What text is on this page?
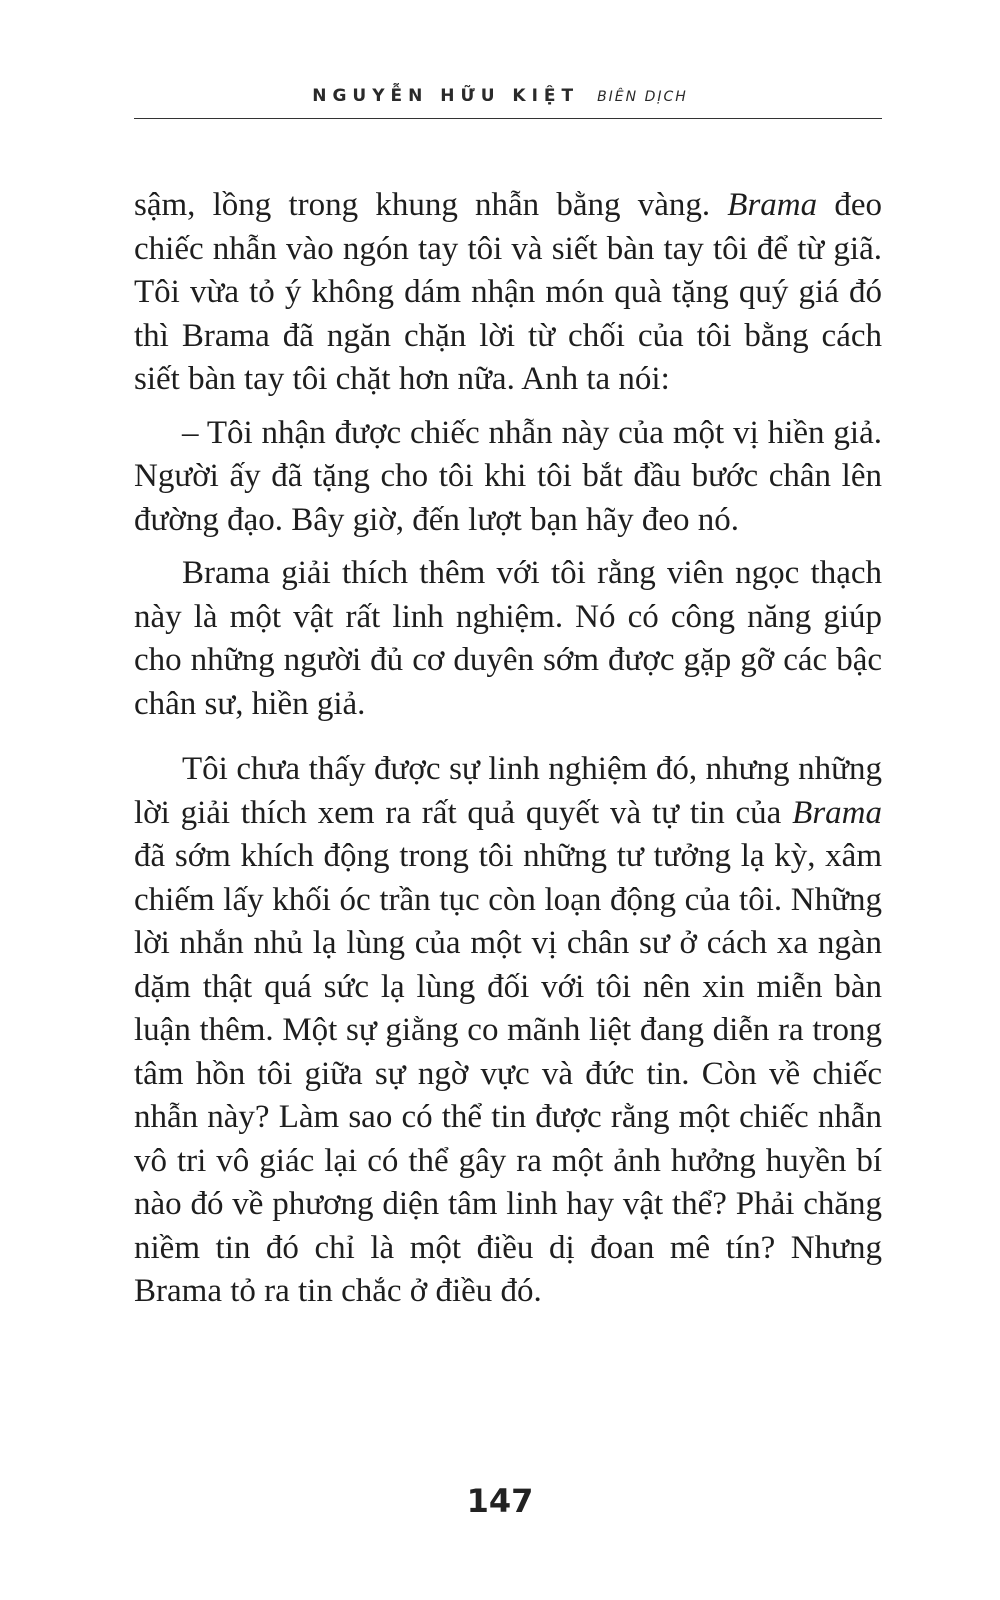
NGUYỄN HỮU KIỆT BIÊN DỊCH

sậm, lồng trong khung nhẫn bằng vàng. Brama đeo chiếc nhẫn vào ngón tay tôi và siết bàn tay tôi để từ giã. Tôi vừa tỏ ý không dám nhận món quà tặng quý giá đó thì Brama đã ngăn chặn lời từ chối của tôi bằng cách siết bàn tay tôi chặt hơn nữa. Anh ta nói:

– Tôi nhận được chiếc nhẫn này của một vị hiền giả. Người ấy đã tặng cho tôi khi tôi bắt đầu bước chân lên đường đạo. Bây giờ, đến lượt bạn hãy đeo nó.

Brama giải thích thêm với tôi rằng viên ngọc thạch này là một vật rất linh nghiệm. Nó có công năng giúp cho những người đủ cơ duyên sớm được gặp gỡ các bậc chân sư, hiền giả.

Tôi chưa thấy được sự linh nghiệm đó, nhưng những lời giải thích xem ra rất quả quyết và tự tin của Brama đã sớm khích động trong tôi những tư tưởng lạ kỳ, xâm chiếm lấy khối óc trần tục còn loạn động của tôi. Những lời nhắn nhủ lạ lùng của một vị chân sư ở cách xa ngàn dặm thật quá sức lạ lùng đối với tôi nên xin miễn bàn luận thêm. Một sự giằng co mãnh liệt đang diễn ra trong tâm hồn tôi giữa sự ngờ vực và đức tin. Còn về chiếc nhẫn này? Làm sao có thể tin được rằng một chiếc nhẫn vô tri vô giác lại có thể gây ra một ảnh hưởng huyền bí nào đó về phương diện tâm linh hay vật thể? Phải chăng niềm tin đó chỉ là một điều dị đoan mê tín? Nhưng Brama tỏ ra tin chắc ở điều đó.

147
